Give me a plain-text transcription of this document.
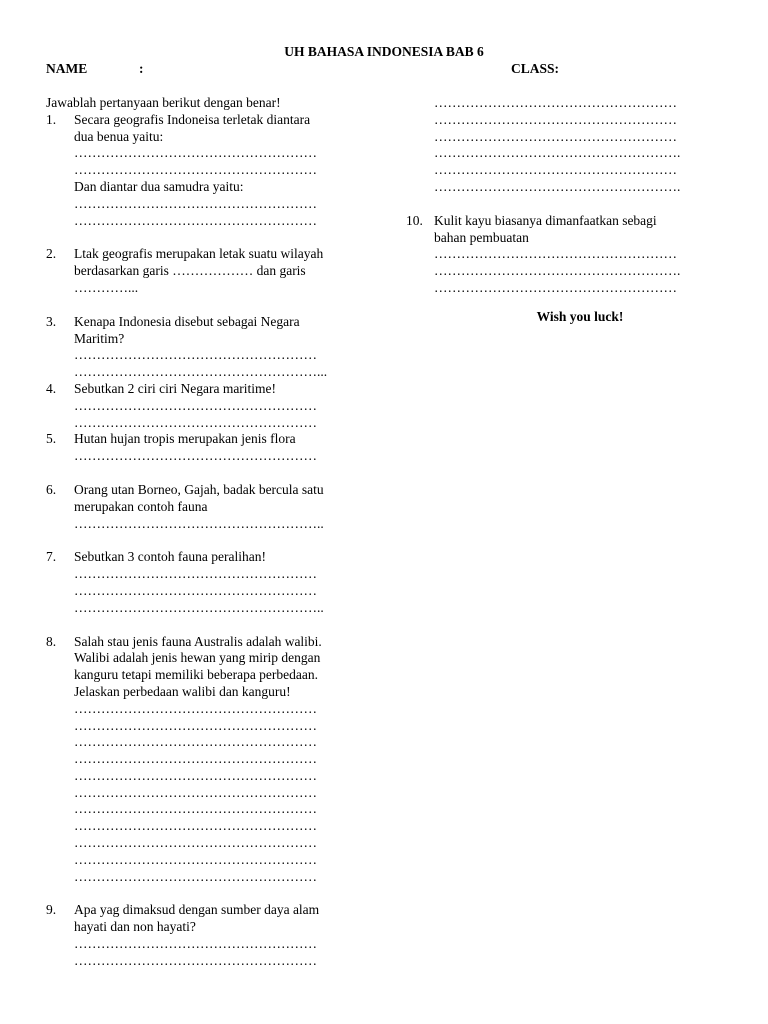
UH BAHASA INDONESIA BAB 6
NAME	:	CLASS:
Jawablah pertanyaan berikut dengan benar!
1. Secara geografis Indoneisa terletak diantara
dua benua yaitu:
………………………………………………
………………………………………………
Dan diantar dua samudra yaitu:
………………………………………………
………………………………………………
2. Ltak geografis merupakan letak suatu wilayah
berdasarkan garis ……………… dan garis
…………...
3. Kenapa Indonesia disebut sebagai Negara
Maritim?
………………………………………………
………………………………………………...
4. Sebutkan 2 ciri ciri Negara maritime!
………………………………………………
………………………………………………
5. Hutan hujan tropis merupakan jenis flora
………………………………………………
6. Orang utan Borneo, Gajah, badak bercula satu
merupakan contoh fauna
………………………………………………..
7. Sebutkan 3 contoh fauna peralihan!
………………………………………………
………………………………………………
………………………………………………..
8. Salah stau jenis fauna Australis adalah walibi.
Walibi adalah jenis hewan yang mirip dengan
kanguru tetapi memiliki beberapa perbedaan.
Jelaskan perbedaan walibi dan kanguru!
………………………………………………
………………………………………………
………………………………………………
………………………………………………
………………………………………………
………………………………………………
………………………………………………
………………………………………………
………………………………………………
………………………………………………
………………………………………………
9. Apa yag dimaksud dengan sumber daya alam
hayati dan non hayati?
………………………………………………
………………………………………………
………………………………………………
………………………………………………
………………………………………………
……………………………………………….
………………………………………………
……………………………………………….
10. Kulit kayu biasanya dimanfaatkan sebagi
bahan pembuatan
………………………………………………
……………………………………………….
………………………………………………
Wish you luck!
